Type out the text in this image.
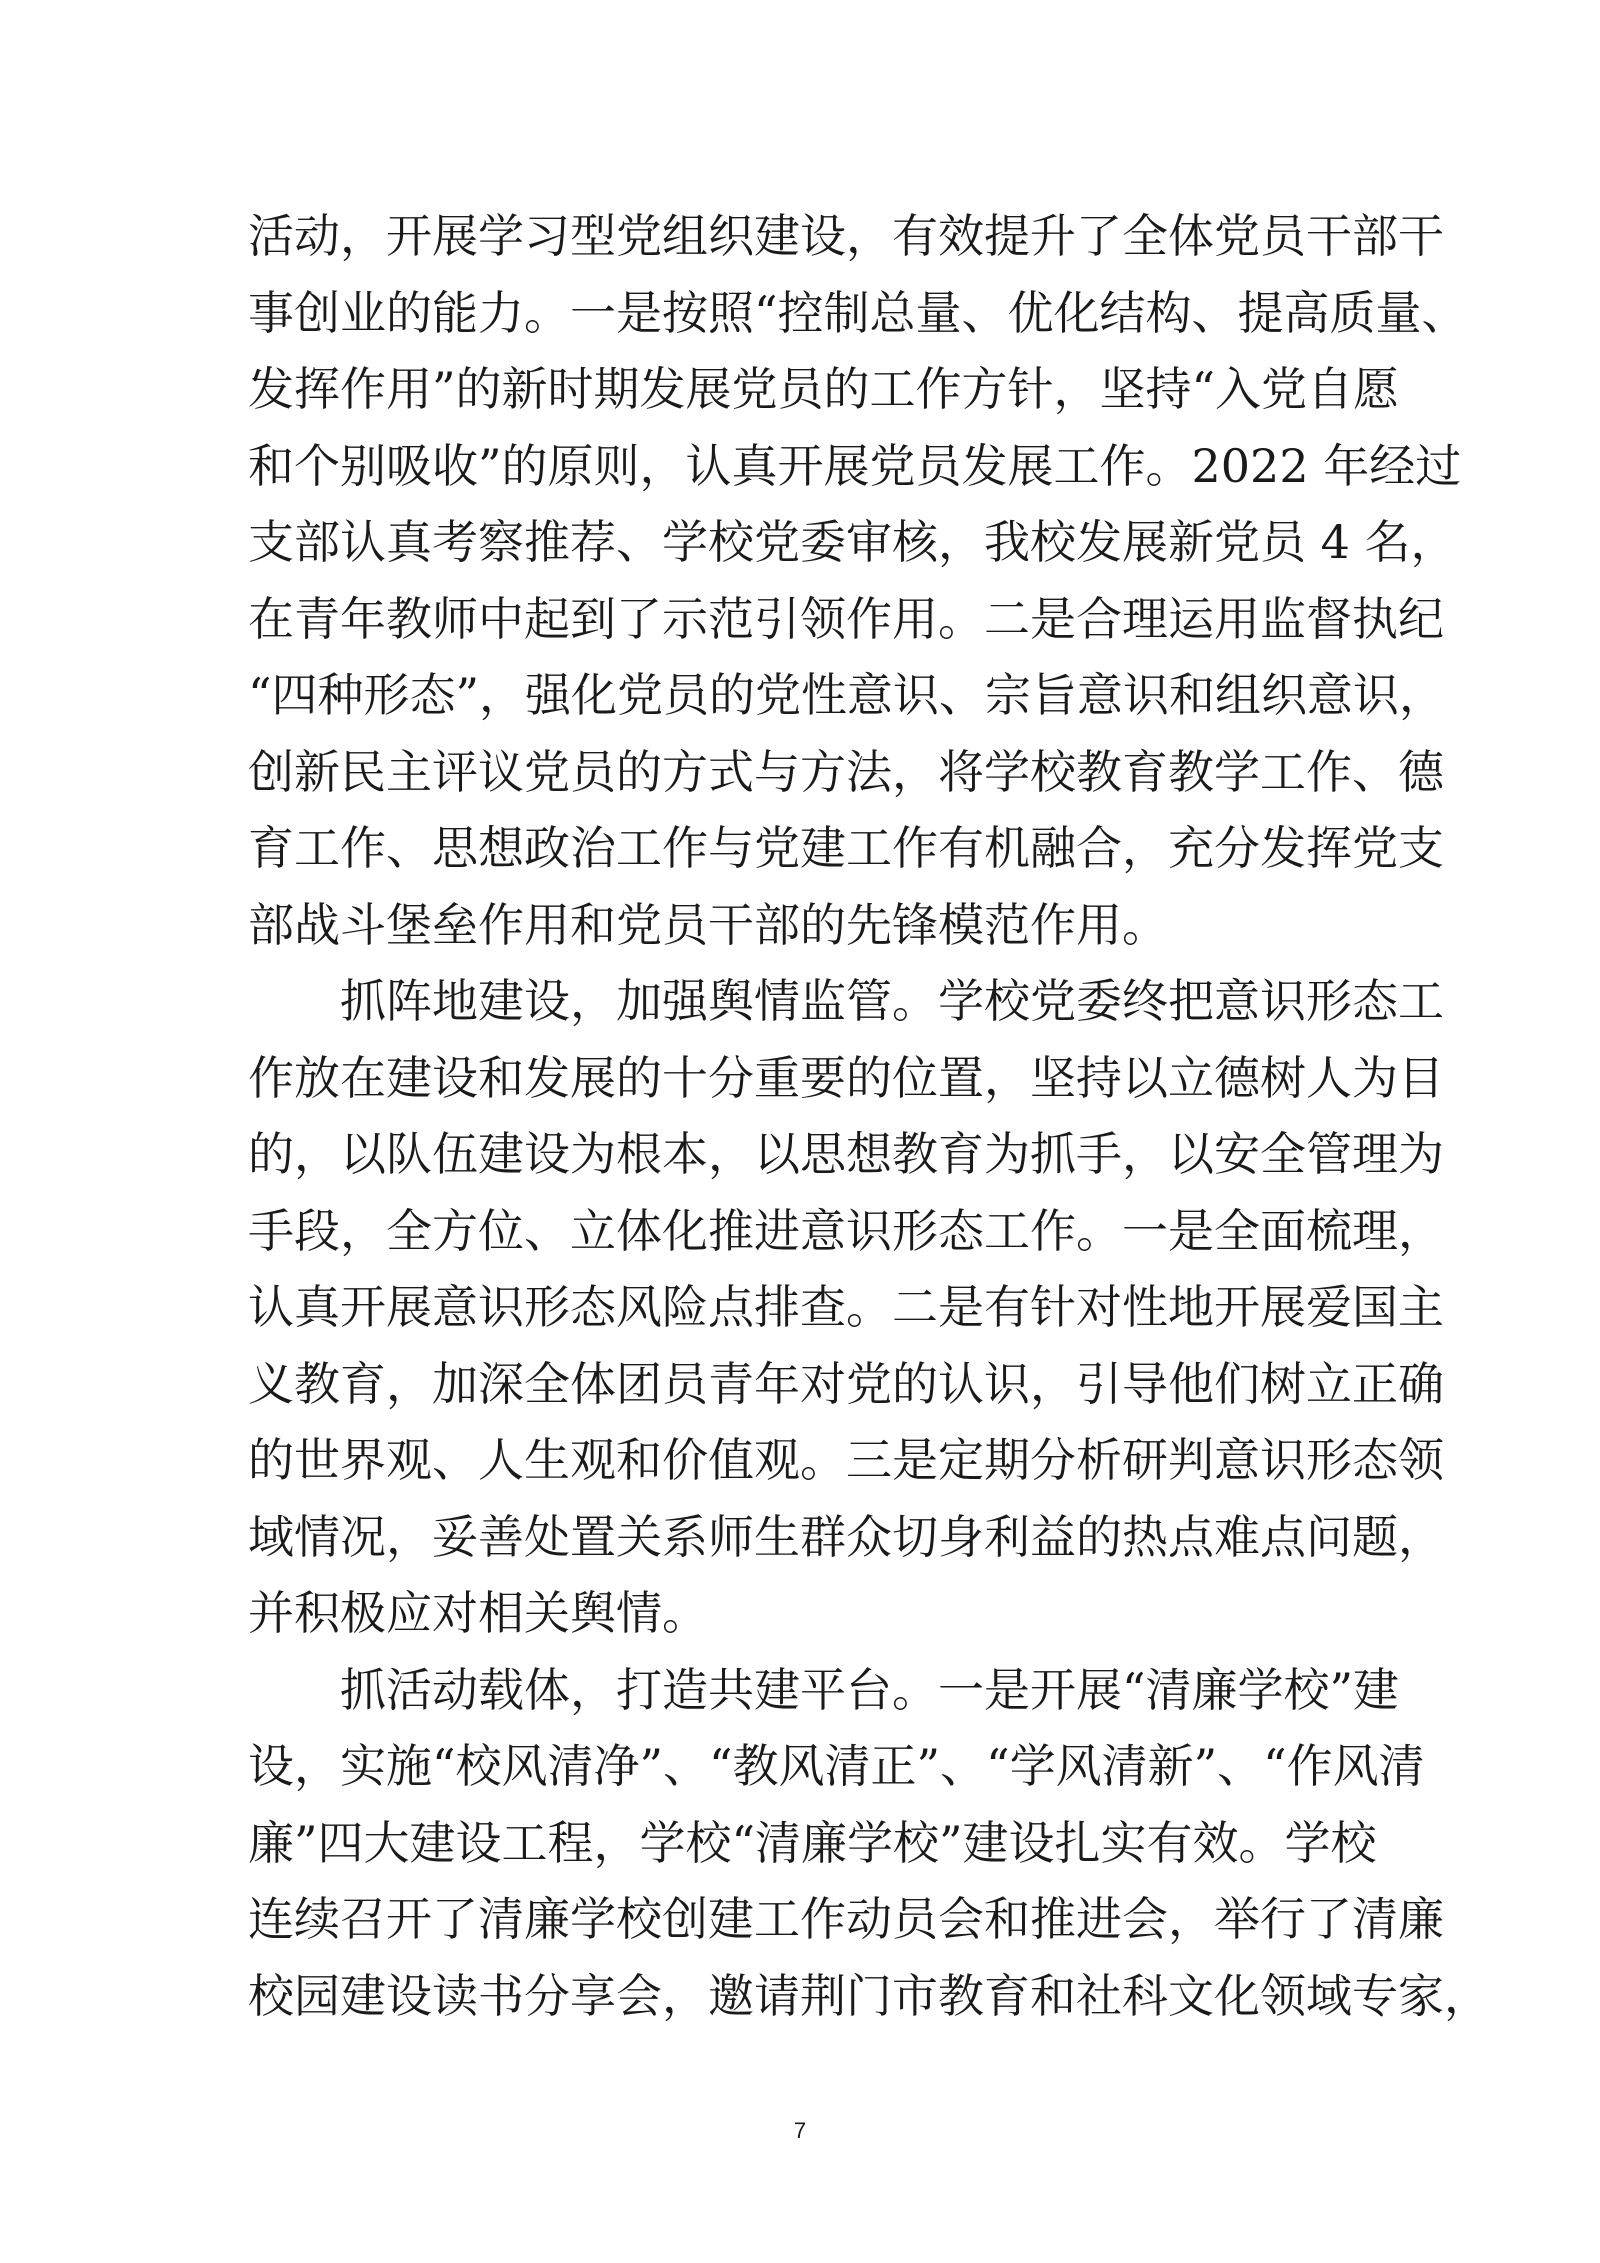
活动，开展学习型党组织建设，有效提升了全体党员干部干
事创业的能力。一是按照“控制总量、优化结构、提高质量、
发挥作用”的新时期发展党员的工作方针，坚持“入党自愿
和个别吸收”的原则，认真开展党员发展工作。2022 年经过
支部认真考察推荐、学校党委审核，我校发展新党员 4 名，
在青年教师中起到了示范引领作用。二是合理运用监督执纪
“四种形态”，强化党员的党性意识、宗旨意识和组织意识，
创新民主评议党员的方式与方法，将学校教育教学工作、德
育工作、思想政治工作与党建工作有机融合，充分发挥党支
部战斗堡垒作用和党员干部的先锋模范作用。
抓阵地建设，加强舆情监管。学校党委终把意识形态工
作放在建设和发展的十分重要的位置，坚持以立德树人为目
的，以队伍建设为根本，以思想教育为抓手，以安全管理为
手段，全方位、立体化推进意识形态工作。一是全面梳理，
认真开展意识形态风险点排查。二是有针对性地开展爱国主
义教育，加深全体团员青年对党的认识，引导他们树立正确
的世界观、人生观和价值观。三是定期分析研判意识形态领
域情况，妥善处置关系师生群众切身利益的热点难点问题，
并积极应对相关舆情。
抓活动载体，打造共建平台。一是开展“清廉学校”建
设，实施“校风清净”、“教风清正”、“学风清新”、“作风清
廉”四大建设工程，学校“清廉学校”建设扎实有效。学校
连续召开了清廉学校创建工作动员会和推进会，举行了清廉
校园建设读书分享会，邀请荆门市教育和社科文化领域专家，
7
